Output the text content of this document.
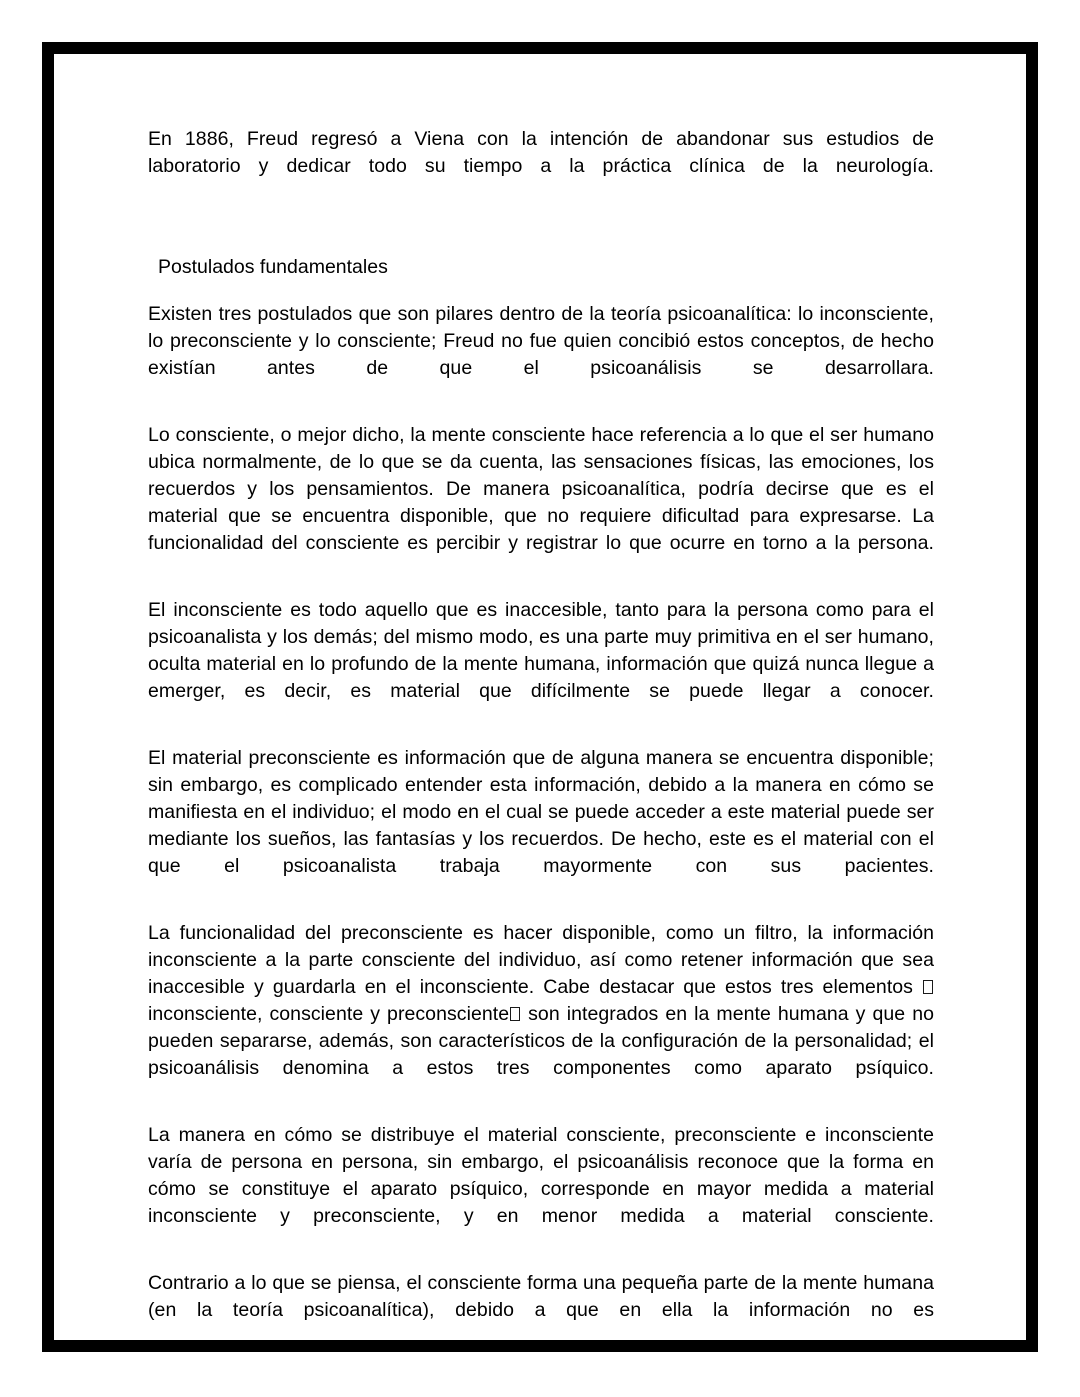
En 1886, Freud regresó a Viena con la intención de abandonar sus estudios de laboratorio y dedicar todo su tiempo a la práctica clínica de la neurología.

Postulados fundamentales

Existen tres postulados que son pilares dentro de la teoría psicoanalítica: lo inconsciente, lo preconsciente y lo consciente; Freud no fue quien concibió estos conceptos, de hecho existían antes de que el psicoanálisis se desarrollara.

Lo consciente, o mejor dicho, la mente consciente hace referencia a lo que el ser humano ubica normalmente, de lo que se da cuenta, las sensaciones físicas, las emociones, los recuerdos y los pensamientos. De manera psicoanalítica, podría decirse que es el material que se encuentra disponible, que no requiere dificultad para expresarse. La funcionalidad del consciente es percibir y registrar lo que ocurre en torno a la persona.

El inconsciente es todo aquello que es inaccesible, tanto para la persona como para el psicoanalista y los demás; del mismo modo, es una parte muy primitiva en el ser humano, oculta material en lo profundo de la mente humana, información que quizá nunca llegue a emerger, es decir, es material que difícilmente se puede llegar a conocer.

El material preconsciente es información que de alguna manera se encuentra disponible; sin embargo, es complicado entender esta información, debido a la manera en cómo se manifiesta en el individuo; el modo en el cual se puede acceder a este material puede ser mediante los sueños, las fantasías y los recuerdos. De hecho, este es el material con el que el psicoanalista trabaja mayormente con sus pacientes.

La funcionalidad del preconsciente es hacer disponible, como un filtro, la información inconsciente a la parte consciente del individuo, así como retener información que sea inaccesible y guardarla en el inconsciente. Cabe destacar que estos tres elementos inconsciente, consciente y preconsciente son integrados en la mente humana y que no pueden separarse, además, son característicos de la configuración de la personalidad; el psicoanálisis denomina a estos tres componentes como aparato psíquico.

La manera en cómo se distribuye el material consciente, preconsciente e inconsciente varía de persona en persona, sin embargo, el psicoanálisis reconoce que la forma en cómo se constituye el aparato psíquico, corresponde en mayor medida a material inconsciente y preconsciente, y en menor medida a material consciente.

Contrario a lo que se piensa, el consciente forma una pequeña parte de la mente humana (en la teoría psicoanalítica), debido a que en ella la información no es
